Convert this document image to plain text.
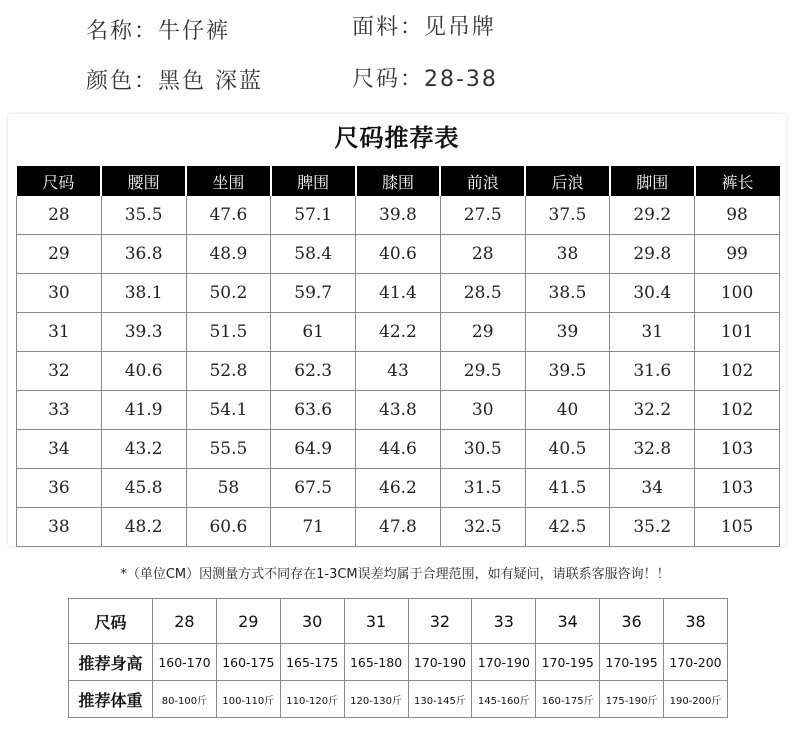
名称：牛仔裤	面料：见吊牌
颜色：黑色 深蓝	尺码：28-38
尺码推荐表
尺码	腰围	坐围	脾围	膝围	前浪	后浪	脚围	裤长
28	35.5	47.6	57.1	39.8	27.5	37.5	29.2	98
29	36.8	48.9	58.4	40.6	28	38	29.8	99
30	38.1	50.2	59.7	41.4	28.5	38.5	30.4	100
31	39.3	51.5	61	42.2	29	39	31	101
32	40.6	52.8	62.3	43	29.5	39.5	31.6	102
33	41.9	54.1	63.6	43.8	30	40	32.2	102
34	43.2	55.5	64.9	44.6	30.5	40.5	32.8	103
36	45.8	58	67.5	46.2	31.5	41.5	34	103
38	48.2	60.6	71	47.8	32.5	42.5	35.2	105
*（单位CM）因测量方式不同存在1-3CM误差均属于合理范围，如有疑问，请联系客服咨询！！
尺码	28	29	30	31	32	33	34	36	38
推荐身高	160-170	160-175	165-175	165-180	170-190	170-190	170-195	170-195	170-200
推荐体重	80-100斤	100-110斤	110-120斤	120-130斤	130-145斤	145-160斤	160-175斤	175-190斤	190-200斤
